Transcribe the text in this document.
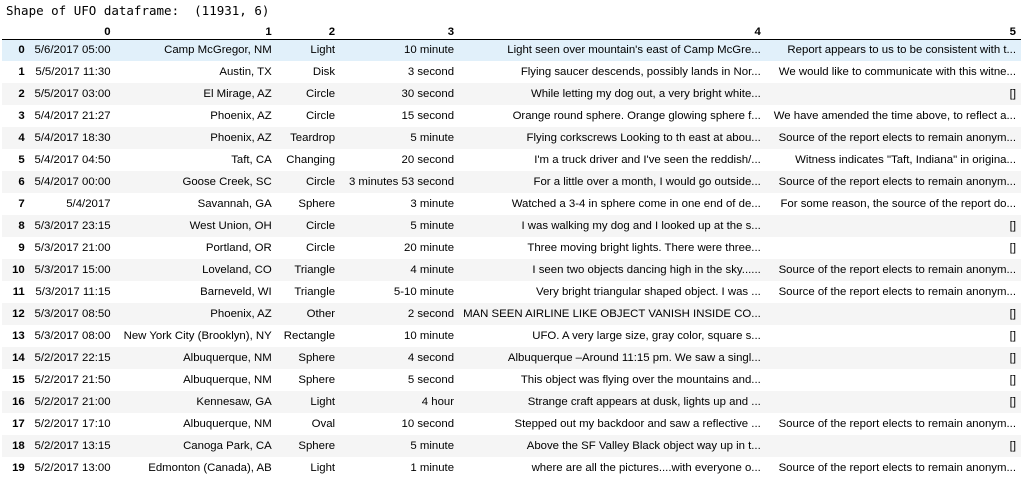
Shape of UFO dataframe:  (11931, 6)
	0	1	2	3	4	5
0	5/6/2017 05:00	Camp McGregor, NM	Light	10 minute	Light seen over mountain's east of Camp McGre...	Report appears to us to be consistent with t...
1	5/5/2017 11:30	Austin, TX	Disk	3 second	Flying saucer descends, possibly lands in Nor...	We would like to communicate with this witne...
2	5/5/2017 03:00	El Mirage, AZ	Circle	30 second	While letting my dog out, a very bright white...	[]
3	5/4/2017 21:27	Phoenix, AZ	Circle	15 second	Orange round sphere. Orange glowing sphere f...	We have amended the time above, to reflect a...
4	5/4/2017 18:30	Phoenix, AZ	Teardrop	5 minute	Flying corkscrews Looking to th east at abou...	Source of the report elects to remain anonym...
5	5/4/2017 04:50	Taft, CA	Changing	20 second	I'm a truck driver and I've seen the reddish/...	Witness indicates "Taft, Indiana" in origina...
6	5/4/2017 00:00	Goose Creek, SC	Circle	3 minutes 53 second	For a little over a month, I would go outside...	Source of the report elects to remain anonym...
7	5/4/2017	Savannah, GA	Sphere	3 minute	Watched a 3-4 in sphere come in one end of de...	For some reason, the source of the report do...
8	5/3/2017 23:15	West Union, OH	Circle	5 minute	I was walking my dog and I looked up at the s...	[]
9	5/3/2017 21:00	Portland, OR	Circle	20 minute	Three moving bright lights. There were three...	[]
10	5/3/2017 15:00	Loveland, CO	Triangle	4 minute	I seen two objects dancing high in the sky......	Source of the report elects to remain anonym...
11	5/3/2017 11:15	Barneveld, WI	Triangle	5-10 minute	Very bright triangular shaped object. I was ...	Source of the report elects to remain anonym...
12	5/3/2017 08:50	Phoenix, AZ	Other	2 second	MAN SEEN AIRLINE LIKE OBJECT VANISH INSIDE CO...	[]
13	5/3/2017 08:00	New York City (Brooklyn), NY	Rectangle	10 minute	UFO. A very large size, gray color, square s...	[]
14	5/2/2017 22:15	Albuquerque, NM	Sphere	4 second	Albuquerque –Around 11:15 pm. We saw a singl...	[]
15	5/2/2017 21:50	Albuquerque, NM	Sphere	5 second	This object was flying over the mountains and...	[]
16	5/2/2017 21:00	Kennesaw, GA	Light	4 hour	Strange craft appears at dusk, lights up and ...	[]
17	5/2/2017 17:10	Albuquerque, NM	Oval	10 second	Stepped out my backdoor and saw a reflective ...	Source of the report elects to remain anonym...
18	5/2/2017 13:15	Canoga Park, CA	Sphere	5 minute	Above the SF Valley Black object way up in t...	[]
19	5/2/2017 13:00	Edmonton (Canada), AB	Light	1 minute	where are all the pictures....with everyone o...	Source of the report elects to remain anonym...
